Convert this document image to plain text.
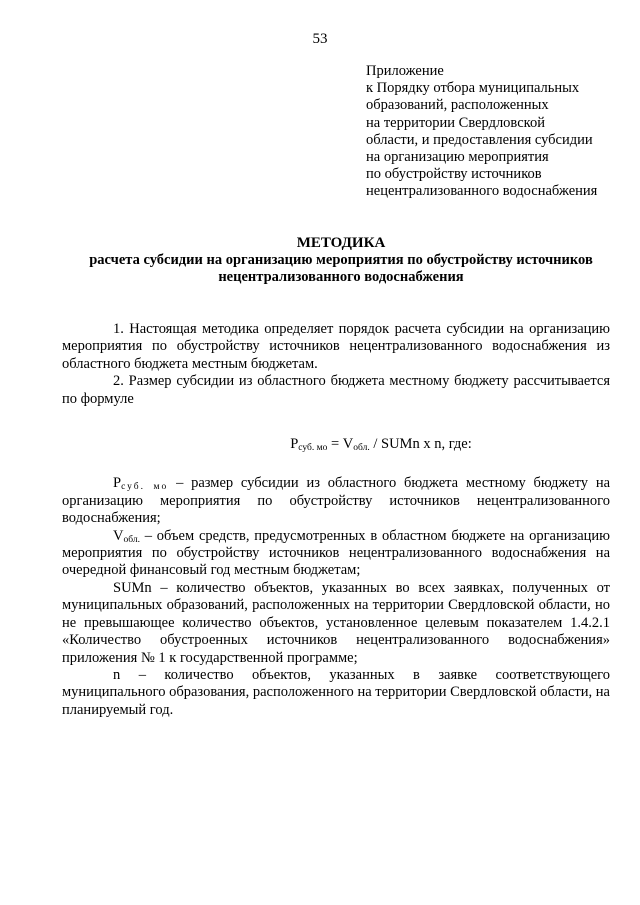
53
Приложение
к Порядку отбора муниципальных
образований, расположенных
на территории Свердловской
области, и предоставления субсидии
на организацию мероприятия
по обустройству источников
нецентрализованного водоснабжения
МЕТОДИКА
расчета субсидии на организацию мероприятия по обустройству источников
нецентрализованного водоснабжения

1. Настоящая методика определяет порядок расчета субсидии на организацию мероприятия по обустройству источников нецентрализованного водоснабжения из областного бюджета местным бюджетам.

2. Размер субсидии из областного бюджета местному бюджету рассчитывается по формуле

$P_{суб. мо} = V_{обл.}$ / SUMn x n, где:

$P_{суб. мо}$ – размер субсидии из областного бюджета местному бюджету на организацию мероприятия по обустройству источников нецентрализованного водоснабжения;

$V_{обл.}$ – объем средств, предусмотренных в областном бюджете на организацию мероприятия по обустройству источников нецентрализованного водоснабжения на очередной финансовый год местным бюджетам;

SUMn – количество объектов, указанных во всех заявках, полученных от муниципальных образований, расположенных на территории Свердловской области, но не превышающее количество объектов, установленное целевым показателем 1.4.2.1 «Количество обустроенных источников нецентрализованного водоснабжения» приложения № 1 к государственной программе;

n – количество объектов, указанных в заявке соответствующего муниципального образования, расположенного на территории Свердловской области, на планируемый год.
